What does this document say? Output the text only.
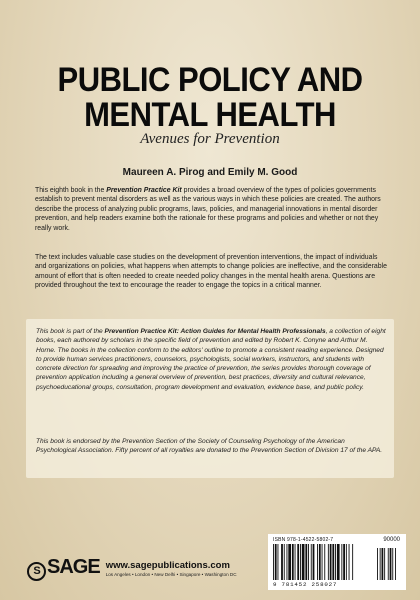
PUBLIC POLICY AND
MENTAL HEALTH
Avenues for Prevention
Maureen A. Pirog and Emily M. Good

This eighth book in the Prevention Practice Kit provides a broad overview of the types of policies governments establish to prevent mental disorders as well as the various ways in which these policies are created. The authors describe the process of analyzing public programs, laws, policies, and managerial innovations in mental disorder prevention, and help readers examine both the rationale for these programs and policies and whether or not they really work.

The text includes valuable case studies on the development of prevention interventions, the impact of individuals and organizations on policies, what happens when attempts to change policies are ineffective, and the considerable amount of effort that is often needed to create needed policy changes in the mental health arena. Questions are provided throughout the text to encourage the reader to engage the topics in a critical manner.

This book is part of the Prevention Practice Kit: Action Guides for Mental Health Professionals, a collection of eight books, each authored by scholars in the specific field of prevention and edited by Robert K. Conyne and Arthur M. Horne. The books in the collection conform to the editors' outline to promote a consistent reading experience. Designed to provide human services practitioners, counselors, psychologists, social workers, instructors, and students with concrete direction for spreading and improving the practice of prevention, the series provides thorough coverage of prevention application including a general overview of prevention, best practices, diversity and cultural relevance, psychoeducational groups, consultation, program development and evaluation, evidence base, and public policy.

This book is endorsed by the Prevention Section of the Society of Counseling Psychology of the American Psychological Association. Fifty percent of all royalties are donated to the Prevention Section of Division 17 of the APA.

S SAGE www.sagepublications.com
Los Angeles • London • New Delhi • Singapore • Washington DC
ISBN 978-1-4522-5802-7	90000
9 781452 258027
